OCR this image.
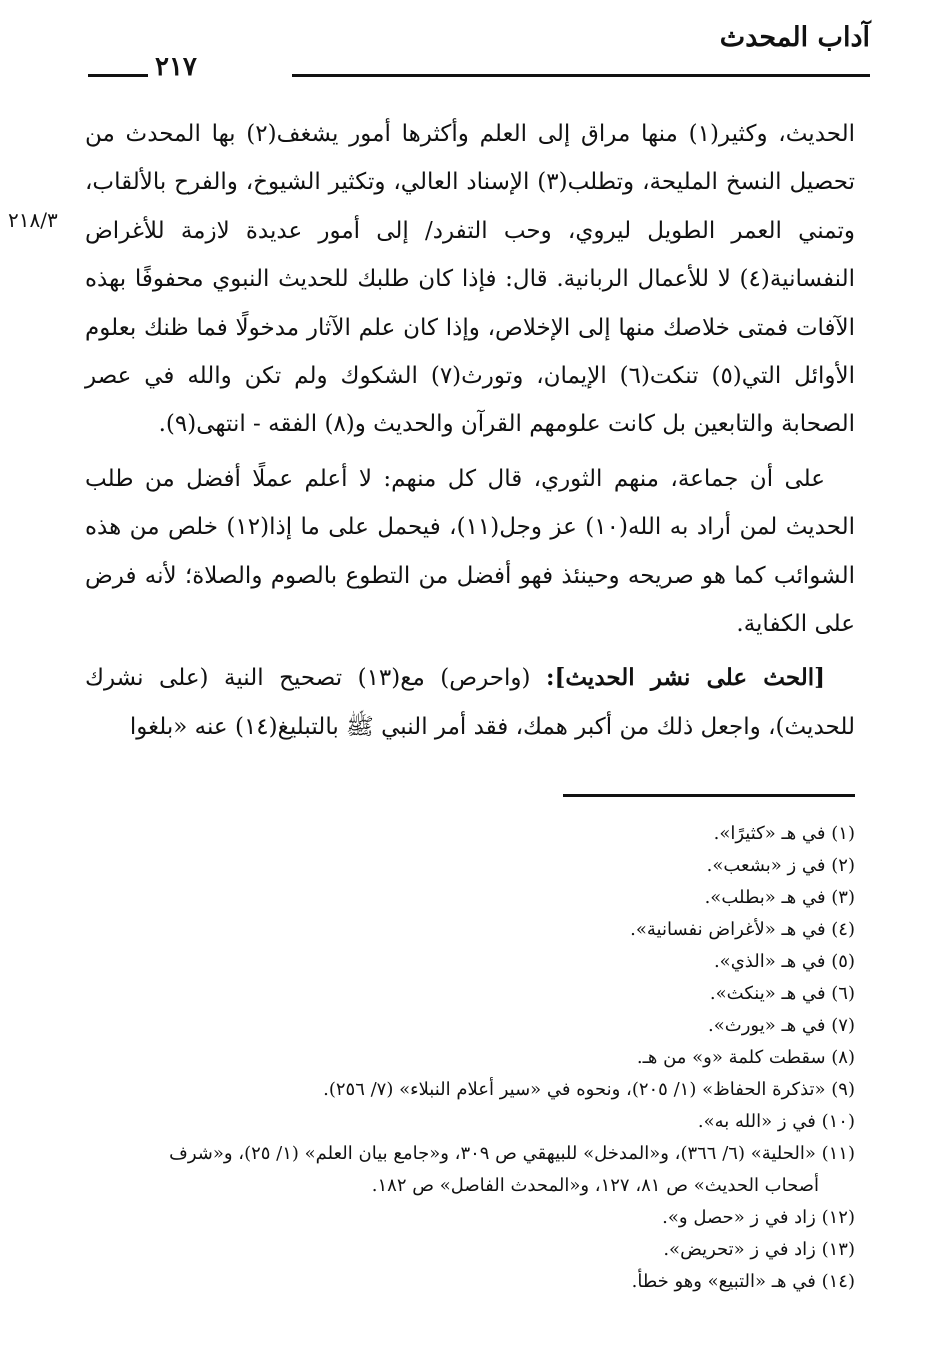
آداب المحدث
٢١٧
٢١٨/٣

الحديث، وكثير(١) منها مراق إلى العلم وأكثرها أمور يشغف(٢) بها المحدث من تحصيل النسخ المليحة، وتطلب(٣) الإسناد العالي، وتكثير الشيوخ، والفرح بالألقاب، وتمني العمر الطويل ليروي، وحب التفرد/ إلى أمور عديدة لازمة للأغراض النفسانية(٤) لا للأعمال الربانية. قال: فإذا كان طلبك للحديث النبوي محفوفًا بهذه الآفات فمتى خلاصك منها إلى الإخلاص، وإذا كان علم الآثار مدخولًا فما ظنك بعلوم الأوائل التي(٥) تنكت(٦) الإيمان، وتورث(٧) الشكوك ولم تكن والله في عصر الصحابة والتابعين بل كانت علومهم القرآن والحديث و(٨) الفقه - انتهى(٩).

على أن جماعة، منهم الثوري، قال كل منهم: لا أعلم عملًا أفضل من طلب الحديث لمن أراد به الله(١٠) عز وجل(١١)، فيحمل على ما إذا(١٢) خلص من هذه الشوائب كما هو صريحه وحينئذ فهو أفضل من التطوع بالصوم والصلاة؛ لأنه فرض على الكفاية.

[الحث على نشر الحديث]: (واحرص) مع(١٣) تصحيح النية (على نشرك للحديث)، واجعل ذلك من أكبر همك، فقد أمر النبي ﷺ بالتبليغ(١٤) عنه «بلغوا

(١) في هـ «كثيرًا».

(٢) في ز «بشعب».

(٣) في هـ «بطلب».

(٤) في هـ «لأغراض نفسانية».

(٥) في هـ «الذي».

(٦) في هـ «ينكث».

(٧) في هـ «يورث».

(٨) سقطت كلمة «و» من هـ.

(٩) «تذكرة الحفاظ» (١/ ٢٠٥)، ونحوه في «سير أعلام النبلاء» (٧/ ٢٥٦).

(١٠) في ز «الله به».

(١١) «الحلية» (٦/ ٣٦٦)، و«المدخل» للبيهقي ص ٣٠٩، و«جامع بيان العلم» (١/ ٢٥)، و«شرف

أصحاب الحديث» ص ٨١، ١٢٧، و«المحدث الفاصل» ص ١٨٢.

(١٢) زاد في ز «حصل و».

(١٣) زاد في ز «تحريض».

(١٤) في هـ «التبيع» وهو خطأ.
